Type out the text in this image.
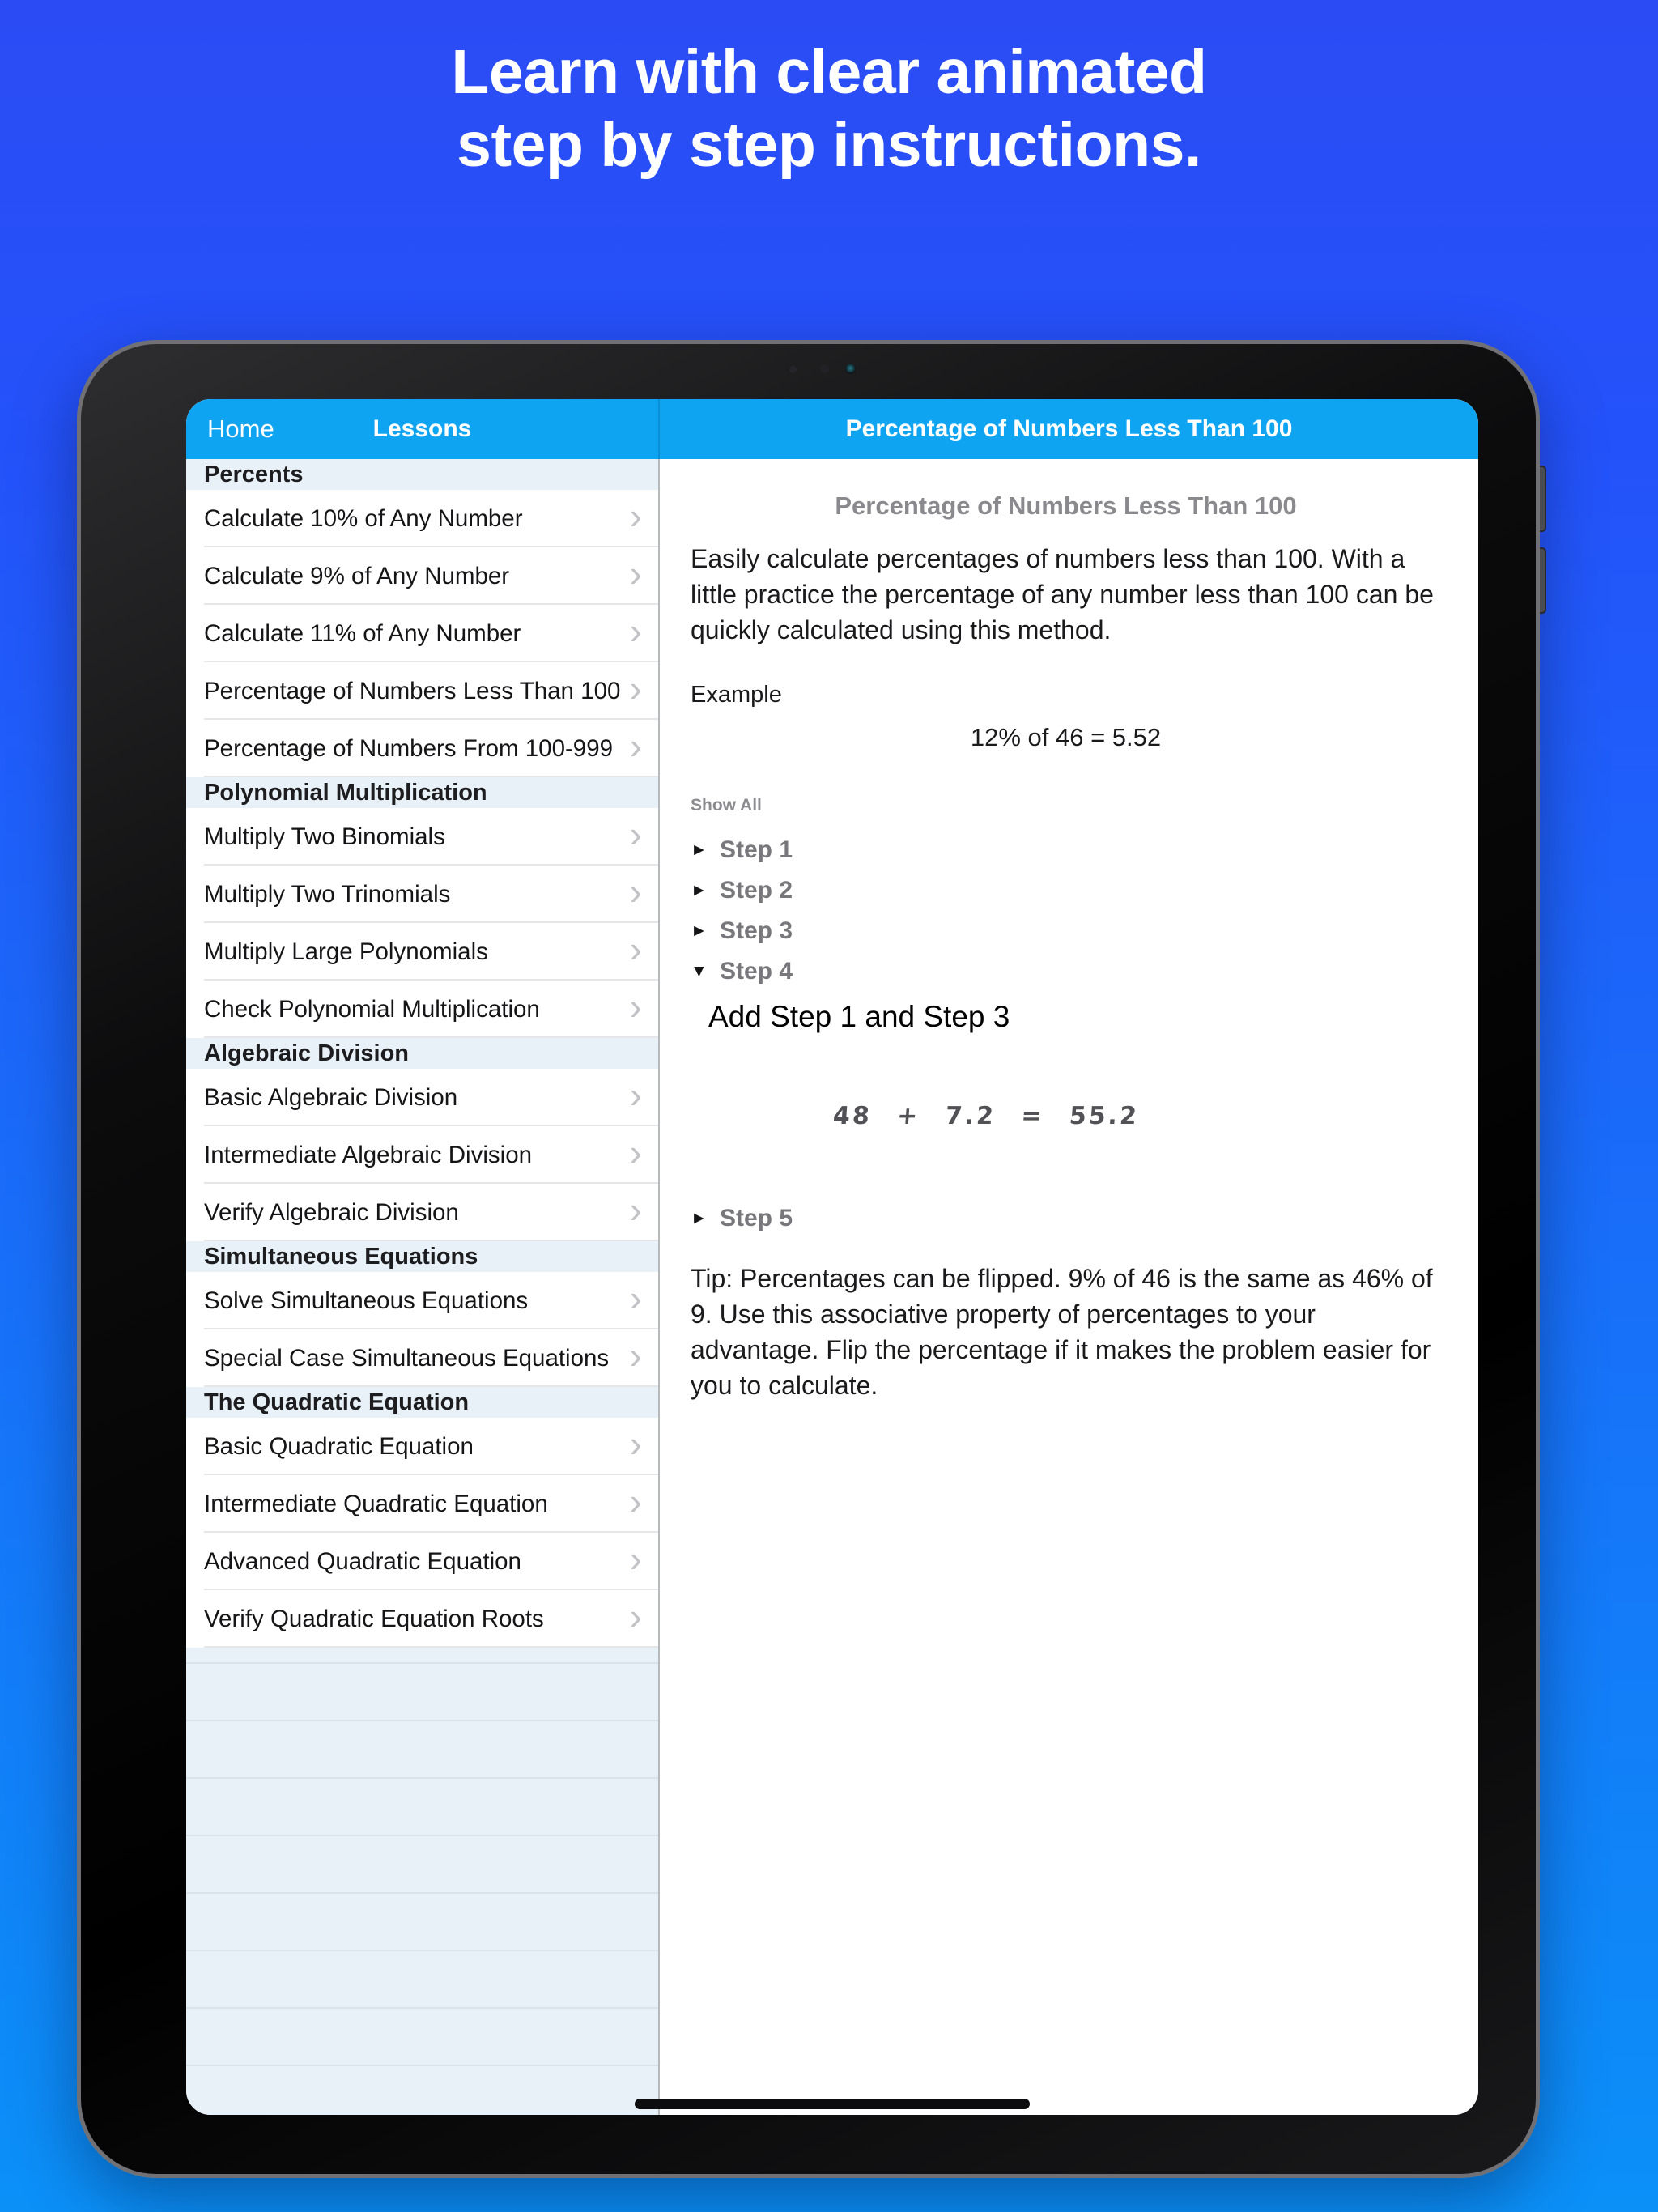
Learn with clear animated
step by step instructions.
Home	Lessons
Percents
Calculate 10% of Any Number	›
Calculate 9% of Any Number	›
Calculate 11% of Any Number	›
Percentage of Numbers Less Than 100 ›
Percentage of Numbers From 100-999 ›
Polynomial Multiplication
Multiply Two Binomials	›
Multiply Two Trinomials	›
Multiply Large Polynomials	›
Check Polynomial Multiplication ›
Algebraic Division
Basic Algebraic Division	›
Intermediate Algebraic Division	›
Verify Algebraic Division	›
Simultaneous Equations
Solve Simultaneous Equations	›
Special Case Simultaneous Equations ›
The Quadratic Equation
Basic Quadratic Equation	›
Intermediate Quadratic Equation ›
Advanced Quadratic Equation	›
Verify Quadratic Equation Roots ›
Percentage of Numbers Less Than 100
Percentage of Numbers Less Than 100
Easily calculate percentages of numbers less than 100. With a little practice the percentage of any number less than 100 can be quickly calculated using this method.
Example
12% of 46 = 5.52
Show All
► Step 1
► Step 2
► Step 3
▼ Step 4
Add Step 1 and Step 3
48 + 7.2 = 55.2
► Step 5
Tip: Percentages can be flipped. 9% of 46 is the same as 46% of 9. Use this associative property of percentages to your advantage. Flip the percentage if it makes the problem easier for you to calculate.
